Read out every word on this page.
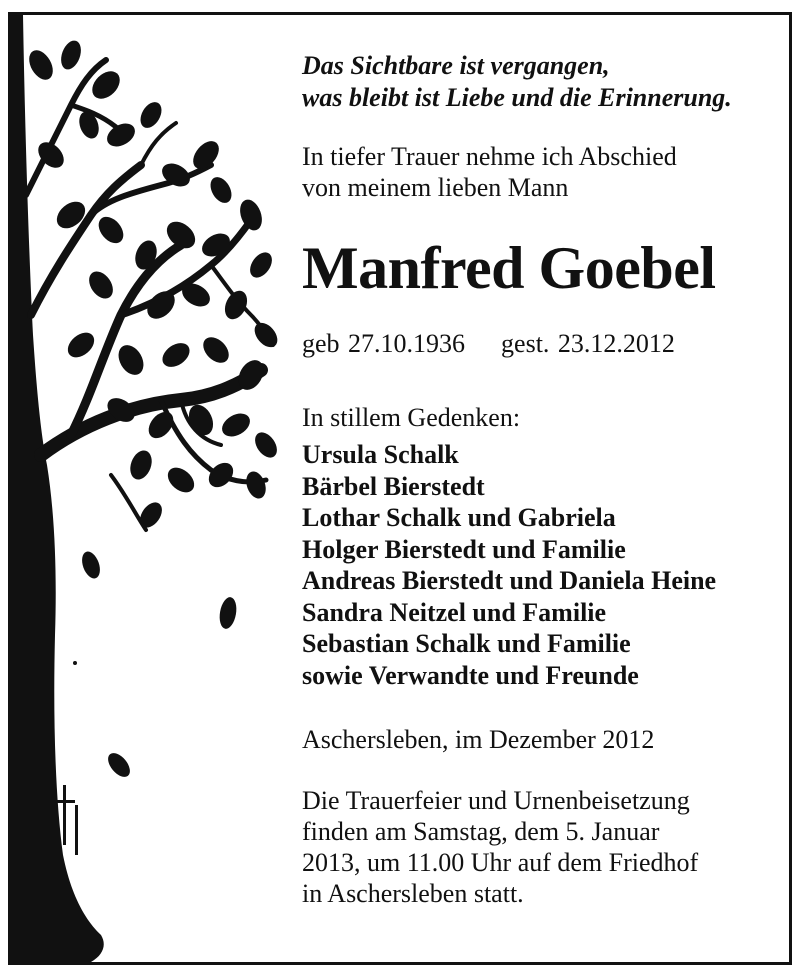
Das Sichtbare ist vergangen,
was bleibt ist Liebe und die Erinnerung.
In tiefer Trauer nehme ich Abschied
von meinem lieben Mann
Manfred Goebel
geb 27.10.1936 gest. 23.12.2012
In stillem Gedenken:
Ursula Schalk
Bärbel Bierstedt
Lothar Schalk und Gabriela
Holger Bierstedt und Familie
Andreas Bierstedt und Daniela Heine
Sandra Neitzel und Familie
Sebastian Schalk und Familie
sowie Verwandte und Freunde
Aschersleben, im Dezember 2012
Die Trauerfeier und Urnenbeisetzung
finden am Samstag, dem 5. Januar
2013, um 11.00 Uhr auf dem Friedhof
in Aschersleben statt.
